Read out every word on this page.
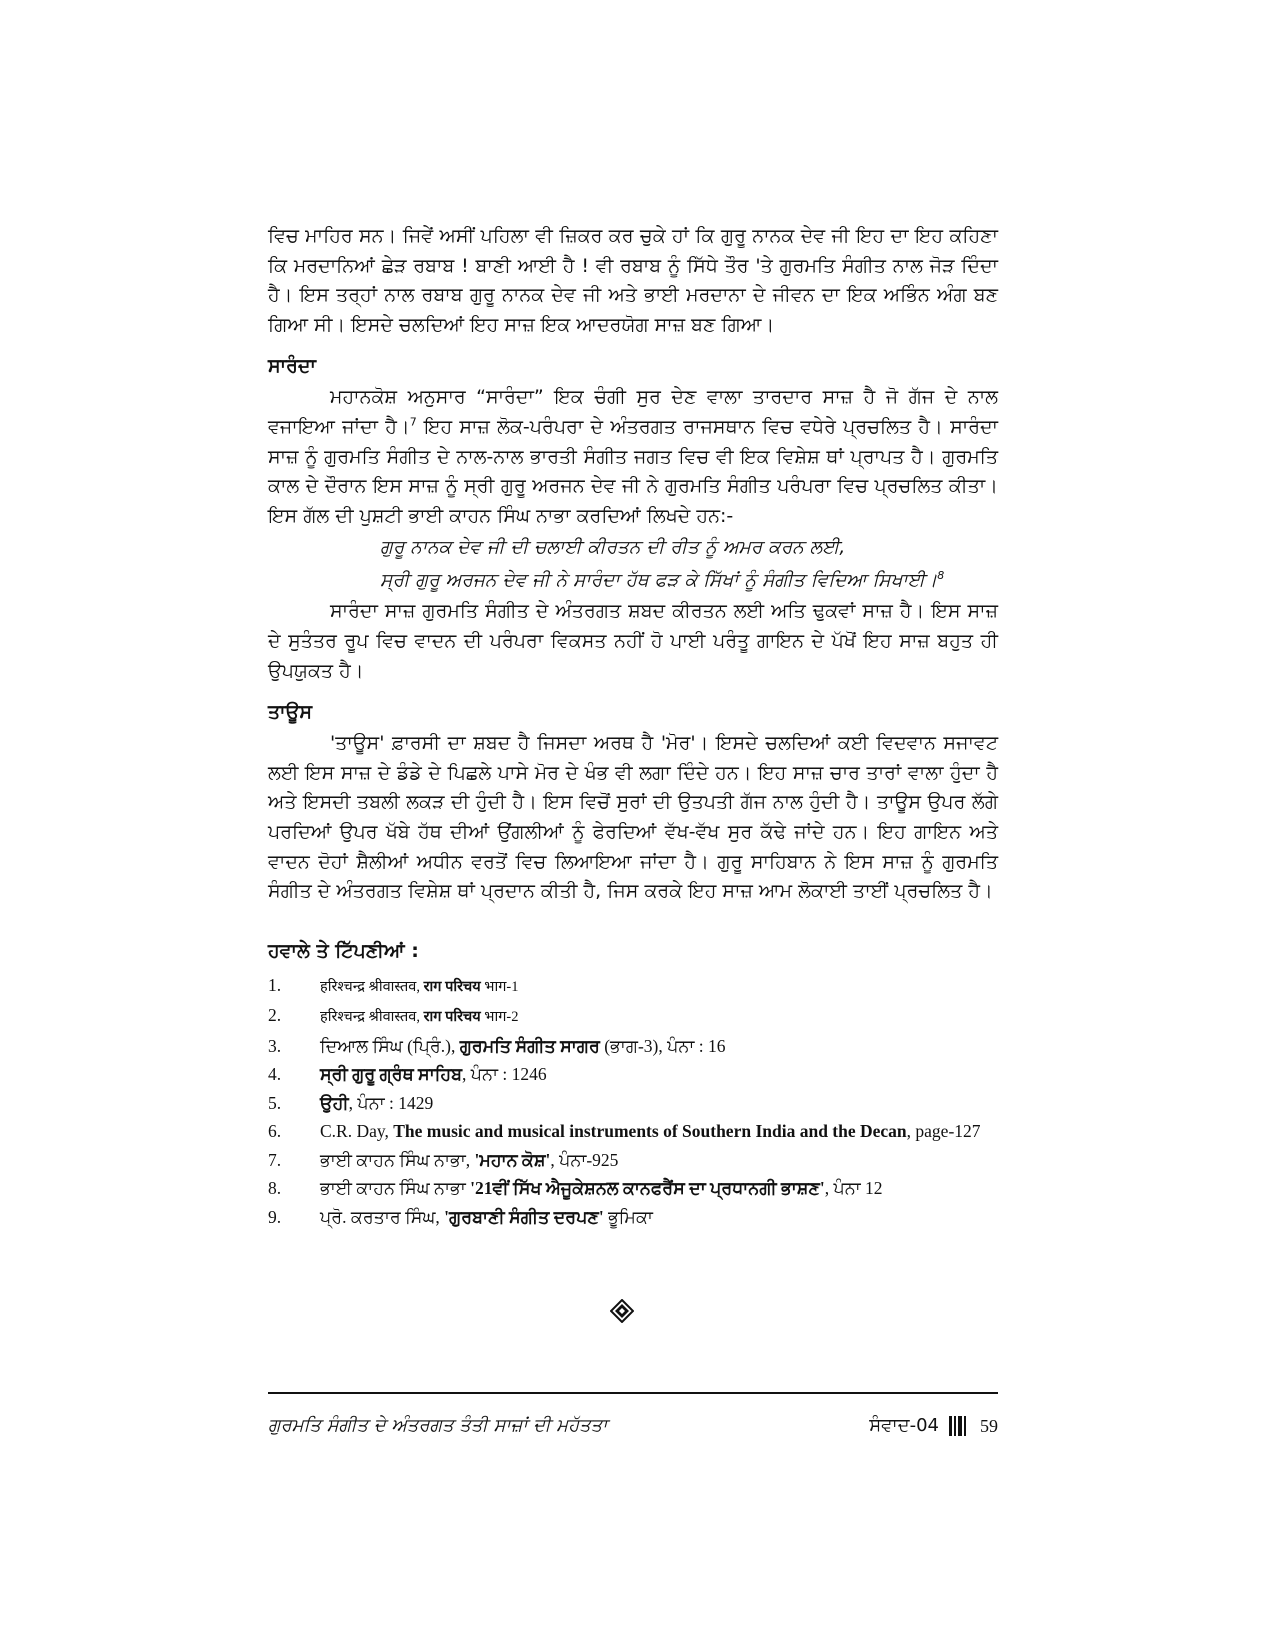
ਵਿਚ ਮਾਹਿਰ ਸਨ। ਜਿਵੇਂ ਅਸੀਂ ਪਹਿਲਾ ਵੀ ਜ਼ਿਕਰ ਕਰ ਚੁਕੇ ਹਾਂ ਕਿ ਗੁਰੂ ਨਾਨਕ ਦੇਵ ਜੀ ਇਹ ਦਾ ਇਹ ਕਹਿਣਾ ਕਿ ਮਰਦਾਨਿਆਂ ਛੇੜ ਰਬਾਬ ! ਬਾਣੀ ਆਈ ਹੈ ! ਵੀ ਰਬਾਬ ਨੂੰ ਸਿੱਧੇ ਤੌਰ 'ਤੇ ਗੁਰਮਤਿ ਸੰਗੀਤ ਨਾਲ ਜੋੜ ਦਿੰਦਾ ਹੈ। ਇਸ ਤਰ੍ਹਾਂ ਨਾਲ ਰਬਾਬ ਗੁਰੂ ਨਾਨਕ ਦੇਵ ਜੀ ਅਤੇ ਭਾਈ ਮਰਦਾਨਾ ਦੇ ਜੀਵਨ ਦਾ ਇਕ ਅਭਿੰਨ ਅੰਗ ਬਣ ਗਿਆ ਸੀ। ਇਸਦੇ ਚਲਦਿਆਂ ਇਹ ਸਾਜ਼ ਇਕ ਆਦਰਯੋਗ ਸਾਜ਼ ਬਣ ਗਿਆ।

ਸਾਰੰਦਾ

ਮਹਾਨਕੋਸ਼ ਅਨੁਸਾਰ “ਸਾਰੰਦਾ” ਇਕ ਚੰਗੀ ਸੁਰ ਦੇਣ ਵਾਲਾ ਤਾਰਦਾਰ ਸਾਜ਼ ਹੈ ਜੋ ਗੱਜ ਦੇ ਨਾਲ ਵਜਾਇਆ ਜਾਂਦਾ ਹੈ।$^7$ ਇਹ ਸਾਜ਼ ਲੋਕ-ਪਰੰਪਰਾ ਦੇ ਅੰਤਰਗਤ ਰਾਜਸਥਾਨ ਵਿਚ ਵਧੇਰੇ ਪ੍ਰਚਲਿਤ ਹੈ। ਸਾਰੰਦਾ ਸਾਜ਼ ਨੂੰ ਗੁਰਮਤਿ ਸੰਗੀਤ ਦੇ ਨਾਲ-ਨਾਲ ਭਾਰਤੀ ਸੰਗੀਤ ਜਗਤ ਵਿਚ ਵੀ ਇਕ ਵਿਸ਼ੇਸ਼ ਥਾਂ ਪ੍ਰਾਪਤ ਹੈ। ਗੁਰਮਤਿ ਕਾਲ ਦੇ ਦੌਰਾਨ ਇਸ ਸਾਜ਼ ਨੂੰ ਸ੍ਰੀ ਗੁਰੂ ਅਰਜਨ ਦੇਵ ਜੀ ਨੇ ਗੁਰਮਤਿ ਸੰਗੀਤ ਪਰੰਪਰਾ ਵਿਚ ਪ੍ਰਚਲਿਤ ਕੀਤਾ। ਇਸ ਗੱਲ ਦੀ ਪੁਸ਼ਟੀ ਭਾਈ ਕਾਹਨ ਸਿੰਘ ਨਾਭਾ ਕਰਦਿਆਂ ਲਿਖਦੇ ਹਨ:-

ਗੁਰੂ ਨਾਨਕ ਦੇਵ ਜੀ ਦੀ ਚਲਾਈ ਕੀਰਤਨ ਦੀ ਰੀਤ ਨੂੰ ਅਮਰ ਕਰਨ ਲਈ,
ਸ੍ਰੀ ਗੁਰੂ ਅਰਜਨ ਦੇਵ ਜੀ ਨੇ ਸਾਰੰਦਾ ਹੱਥ ਫੜ ਕੇ ਸਿੱਖਾਂ ਨੂੰ ਸੰਗੀਤ ਵਿਦਿਆ ਸਿਖਾਈ।$^8$

ਸਾਰੰਦਾ ਸਾਜ਼ ਗੁਰਮਤਿ ਸੰਗੀਤ ਦੇ ਅੰਤਰਗਤ ਸ਼ਬਦ ਕੀਰਤਨ ਲਈ ਅਤਿ ਢੁਕਵਾਂ ਸਾਜ਼ ਹੈ। ਇਸ ਸਾਜ਼ ਦੇ ਸੁਤੰਤਰ ਰੂਪ ਵਿਚ ਵਾਦਨ ਦੀ ਪਰੰਪਰਾ ਵਿਕਸਤ ਨਹੀਂ ਹੋ ਪਾਈ ਪਰੰਤੂ ਗਾਇਨ ਦੇ ਪੱਖੋਂ ਇਹ ਸਾਜ਼ ਬਹੁਤ ਹੀ ਉਪਯੁਕਤ ਹੈ।

ਤਾਊਸ

'ਤਾਊਸ' ਫ਼ਾਰਸੀ ਦਾ ਸ਼ਬਦ ਹੈ ਜਿਸਦਾ ਅਰਥ ਹੈ 'ਮੋਰ'। ਇਸਦੇ ਚਲਦਿਆਂ ਕਈ ਵਿਦਵਾਨ ਸਜਾਵਟ ਲਈ ਇਸ ਸਾਜ਼ ਦੇ ਡੰਡੇ ਦੇ ਪਿਛਲੇ ਪਾਸੇ ਮੋਰ ਦੇ ਖੰਭ ਵੀ ਲਗਾ ਦਿੰਦੇ ਹਨ। ਇਹ ਸਾਜ਼ ਚਾਰ ਤਾਰਾਂ ਵਾਲਾ ਹੁੰਦਾ ਹੈ ਅਤੇ ਇਸਦੀ ਤਬਲੀ ਲਕੜ ਦੀ ਹੁੰਦੀ ਹੈ। ਇਸ ਵਿਚੋਂ ਸੁਰਾਂ ਦੀ ਉਤਪਤੀ ਗੱਜ ਨਾਲ ਹੁੰਦੀ ਹੈ। ਤਾਊਸ ਉਪਰ ਲੱਗੇ ਪਰਦਿਆਂ ਉਪਰ ਖੱਬੇ ਹੱਥ ਦੀਆਂ ਉਂਗਲੀਆਂ ਨੂੰ ਫੇਰਦਿਆਂ ਵੱਖ-ਵੱਖ ਸੁਰ ਕੱਢੇ ਜਾਂਦੇ ਹਨ। ਇਹ ਗਾਇਨ ਅਤੇ ਵਾਦਨ ਦੋਹਾਂ ਸ਼ੈਲੀਆਂ ਅਧੀਨ ਵਰਤੋਂ ਵਿਚ ਲਿਆਇਆ ਜਾਂਦਾ ਹੈ। ਗੁਰੂ ਸਾਹਿਬਾਨ ਨੇ ਇਸ ਸਾਜ਼ ਨੂੰ ਗੁਰਮਤਿ ਸੰਗੀਤ ਦੇ ਅੰਤਰਗਤ ਵਿਸ਼ੇਸ਼ ਥਾਂ ਪ੍ਰਦਾਨ ਕੀਤੀ ਹੈ, ਜਿਸ ਕਰਕੇ ਇਹ ਸਾਜ਼ ਆਮ ਲੋਕਾਈ ਤਾਈਂ ਪ੍ਰਚਲਿਤ ਹੈ।

ਹਵਾਲੇ ਤੇ ਟਿੱਪਣੀਆਂ :
1.	हरिश्चन्द्र श्रीवास्तव, राग परिचय भाग-1
2.	हरिश्चन्द्र श्रीवास्तव, राग परिचय भाग-2
3. ਦਿਆਲ ਸਿੰਘ (ਪ੍ਰਿੰ.), ਗੁਰਮਤਿ ਸੰਗੀਤ ਸਾਗਰ (ਭਾਗ-3), ਪੰਨਾ : 16
4. ਸ੍ਰੀ ਗੁਰੂ ਗ੍ਰੰਥ ਸਾਹਿਬ, ਪੰਨਾ : 1246
5. ਉਹੀ, ਪੰਨਾ : 1429
6. C.R. Day, The music and musical instruments of Southern India and the Decan, page-127
7. ਭਾਈ ਕਾਹਨ ਸਿੰਘ ਨਾਭਾ, 'ਮਹਾਨ ਕੋਸ਼', ਪੰਨਾ-925
8. ਭਾਈ ਕਾਹਨ ਸਿੰਘ ਨਾਭਾ '21ਵੀਂ ਸਿੱਖ ਐਜੂਕੇਸ਼ਨਲ ਕਾਨਫਰੈਂਸ ਦਾ ਪ੍ਰਧਾਨਗੀ ਭਾਸ਼ਣ', ਪੰਨਾ 12
9. ਪ੍ਰੋ. ਕਰਤਾਰ ਸਿੰਘ, 'ਗੁਰਬਾਣੀ ਸੰਗੀਤ ਦਰਪਣ' ਭੂਮਿਕਾ
ਗੁਰਮਤਿ ਸੰਗੀਤ ਦੇ ਅੰਤਰਗਤ ਤੰਤੀ ਸਾਜ਼ਾਂ ਦੀ ਮਹੱਤਤਾ	ਸੰਵਾਦ-04 59
